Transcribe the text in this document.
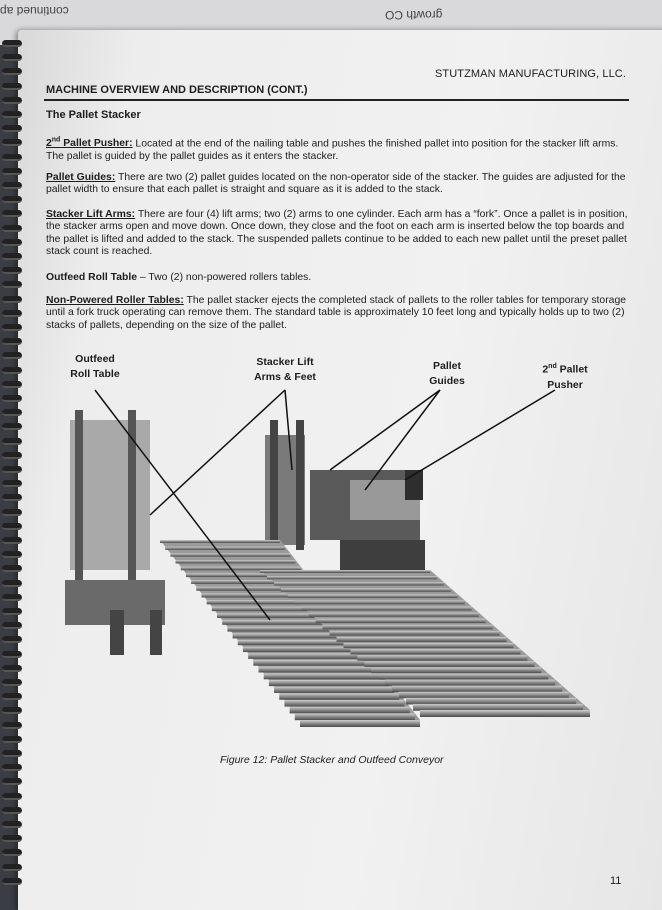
continued ap	growth CO
STUTZMAN MANUFACTURING, LLC.
MACHINE OVERVIEW AND DESCRIPTION (CONT.)
The Pallet Stacker
2nd Pallet Pusher: Located at the end of the nailing table and pushes the finished pallet into position for the stacker lift arms. The pallet is guided by the pallet guides as it enters the stacker.
Pallet Guides: There are two (2) pallet guides located on the non-operator side of the stacker. The guides are adjusted for the pallet width to ensure that each pallet is straight and square as it is added to the stack.
Stacker Lift Arms: There are four (4) lift arms; two (2) arms to one cylinder. Each arm has a “fork”. Once a pallet is in position, the stacker arms open and move down. Once down, they close and the foot on each arm is inserted below the top boards and the pallet is lifted and added to the stack. The suspended pallets continue to be added to each new pallet until the preset pallet stack count is reached.
Outfeed Roll Table – Two (2) non-powered rollers tables.
Non-Powered Roller Tables: The pallet stacker ejects the completed stack of pallets to the roller tables for temporary storage until a fork truck operating can remove them. The standard table is approximately 10 feet long and typically holds up to two (2) stacks of pallets, depending on the size of the pallet.
Outfeed
Roll Table
Stacker Lift
Arms & Feet
Pallet
Guides
2nd Pallet
Pusher
Figure 12: Pallet Stacker and Outfeed Conveyor
11
